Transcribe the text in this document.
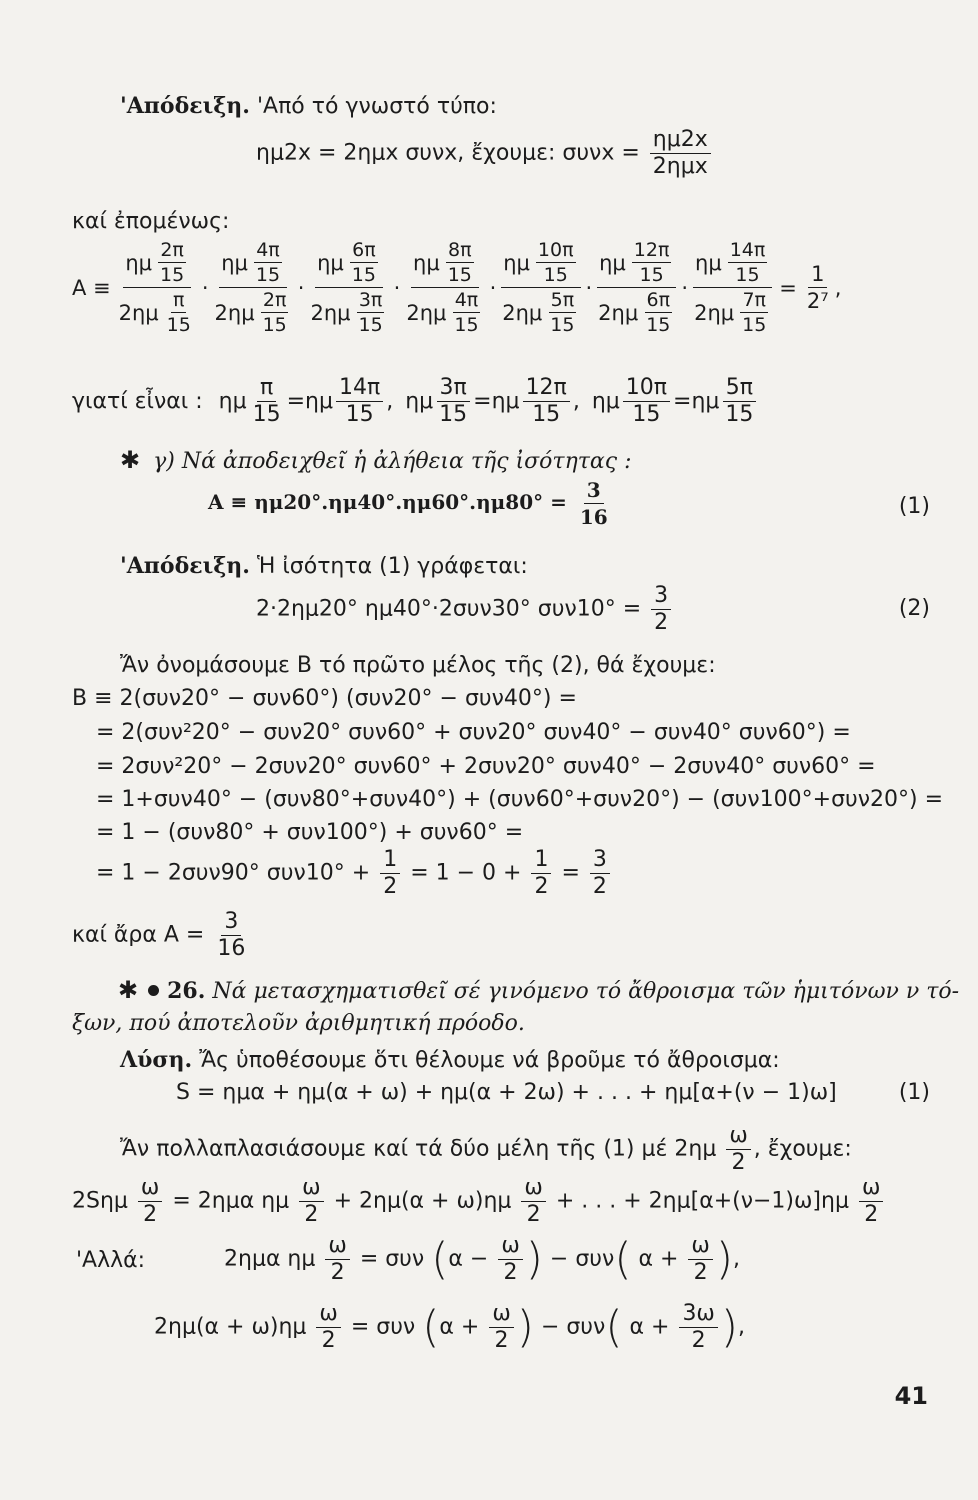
'Απόδειξη. 'Από τό γνωστό τύπο:
ημ2x = 2ημx συνx, ἔχουμε: $\sigma\upsilon\nu x = \frac{\eta\mu 2x}{\text{2ημx}}$
καί ἐπομένως:
$A \equiv \frac{\eta\mu \frac{2\pi}{15}}{2\eta\mu \frac{\pi}{15}} \cdot \frac{\eta\mu \frac{4\pi}{15}}{2\eta\mu \frac{2\pi}{15}} \cdot \frac{\eta\mu \frac{6\pi}{15}}{2\eta\mu \frac{3\pi}{15}} \cdot \frac{\eta\mu \frac{8\pi}{15}}{2\eta\mu \frac{4\pi}{15}} \cdot \frac{\eta\mu \frac{10\pi}{15}}{2\eta\mu \frac{5\pi}{15}} \cdot \frac{\eta\mu \frac{12\pi}{15}}{2\eta\mu \frac{6\pi}{15}} \cdot \frac{\eta\mu \frac{14\pi}{15}}{2\eta\mu \frac{7\pi}{15}} = \frac{1}{\text{2⁷}}$ ,
γιατί εἶναι : ημ $\frac{\pi}{15} = \eta\mu \frac{14\pi}{15}$ , ημ $\frac{3\pi}{15} = \eta\mu \frac{12\pi}{15}$ , ημ $\frac{10\pi}{15} = \eta\mu \frac{5\pi}{15}$
✱ γ) Νά ἀποδειχθεῖ ἡ ἀλήθεια τῆς ἰσότητας :
$A \equiv \eta\mu 20^\circ.\eta\mu 40^\circ.\eta\mu 60^\circ.\eta\mu 80^\circ = \frac{3}{16}$	(1)
'Απόδειξη. Ἡ ἰσότητα (1) γράφεται:
2·2ημ20° ημ40°·2συν30° $\sigma\upsilon\nu 10^\circ = \frac{3}{2}$	(2)
Ἄν ὀνομάσουμε B τό πρῶτο μέλος τῆς (2), θά ἔχουμε:
B ≡ 2(συν20° − συν60°) (συν20° − συν40°) =
= 2(συν²20° − συν20° συν60° + συν20° συν40° − συν40° συν60°) =
= 2συν²20° − 2συν20° συν60° + 2συν20° συν40° − 2συν40° συν60° =
= 1+συν40° − (συν80°+συν40°) + (συν60°+συν20°) − (συν100°+συν20°) =
= 1 − (συν80° + συν100°) + συν60° =
= 1 − 2συν90° $\sigma\upsilon\nu 10^\circ + \frac{1}{2} = 1 - 0 + \frac{1}{2} = \frac{3}{2}$
καί ἄρα $A = \frac{3}{16}$
✱ 26. Νά μετασχηματισθεῖ σέ γινόμενο τό ἄθροισμα τῶν ἡμιτόνων ν τό-
ξων, πού ἀποτελοῦν ἀριθμητική πρόοδο.
Λύση. Ἄς ὑποθέσουμε ὅτι θέλουμε νά βροῦμε τό ἄθροισμα:
S = ημα + ημ(α + ω) + ημ(α + 2ω) + . . . + ημ[α+(ν − 1)ω]	(1)
Ἄν πολλαπλασιάσουμε καί τά δύο μέλη τῆς (1) μέ $2\eta\mu \frac{\omega}{2}$ , ἔχουμε:
$2S\eta\mu \frac{\omega}{2} = 2\eta\mu\alpha$ ημ $\frac{\omega}{2} + 2\eta\mu(\alpha + \omega)\eta\mu \frac{\omega}{2}$ + . . . + $2\eta\mu[\alpha+(\nu-1)\omega]\eta\mu \frac{\omega}{2}$
'Αλλά:	2ημα ημ $\frac{\omega}{2} = \sigma\upsilon\nu$ ($\alpha - \frac{\omega}{2}$ ) − συν( $\alpha + \frac{\omega}{2}$ ),
$2\eta\mu(\alpha + \omega)\eta\mu \frac{\omega}{2} = \sigma\upsilon\nu$ ($\alpha + \frac{\omega}{2}$ ) − συν( $\alpha + \frac{3\omega}{2}$ ),
41
